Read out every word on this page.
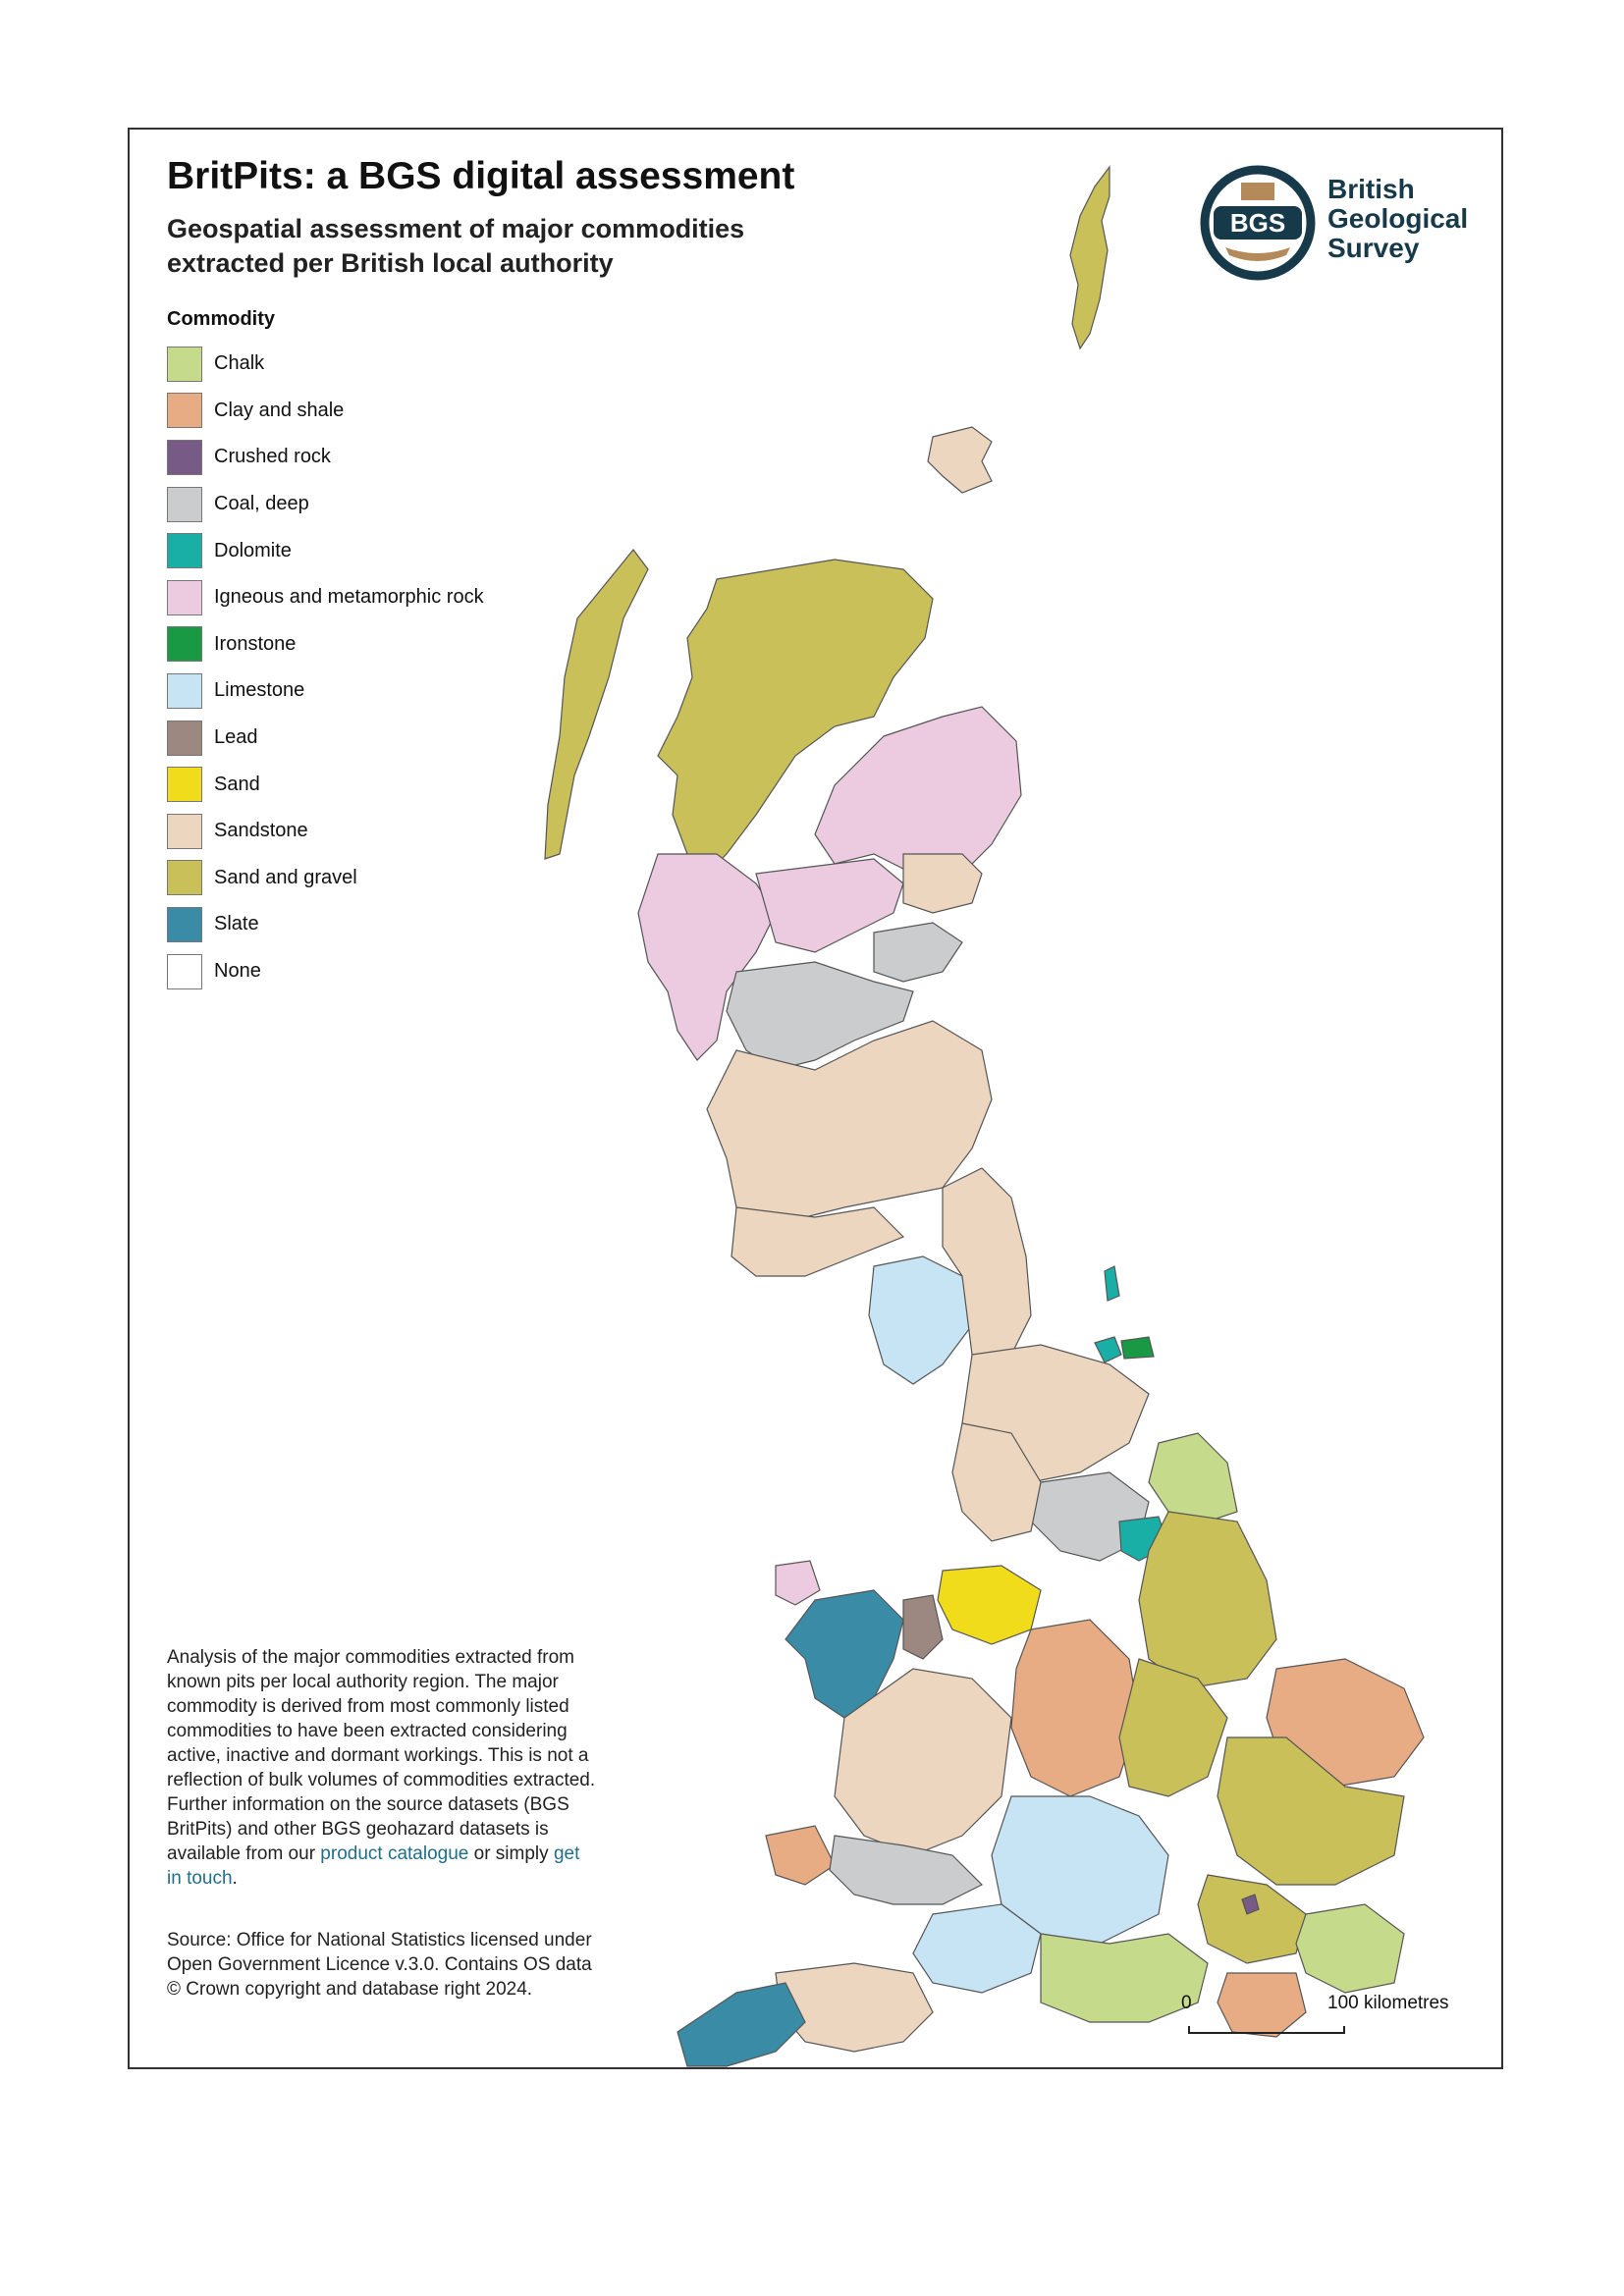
BritPits: a BGS digital assessment
Geospatial assessment of major commodities extracted per British local authority
BGS
British
Geological
Survey
Commodity
Chalk
Clay and shale
Crushed rock
Coal, deep
Dolomite
Igneous and metamorphic rock
Ironstone
Limestone
Lead
Sand
Sandstone
Sand and gravel
Slate
None
Analysis of the major commodities extracted from known pits per local authority region. The major commodity is derived from most commonly listed commodities to have been extracted considering active, inactive and dormant workings. This is not a reflection of bulk volumes of commodities extracted. Further information on the source datasets (BGS BritPits) and other BGS geohazard datasets is available from our product catalogue or simply get in touch.
Source: Office for National Statistics licensed under Open Government Licence v.3.0. Contains OS data © Crown copyright and database right 2024.
0	100 kilometres
